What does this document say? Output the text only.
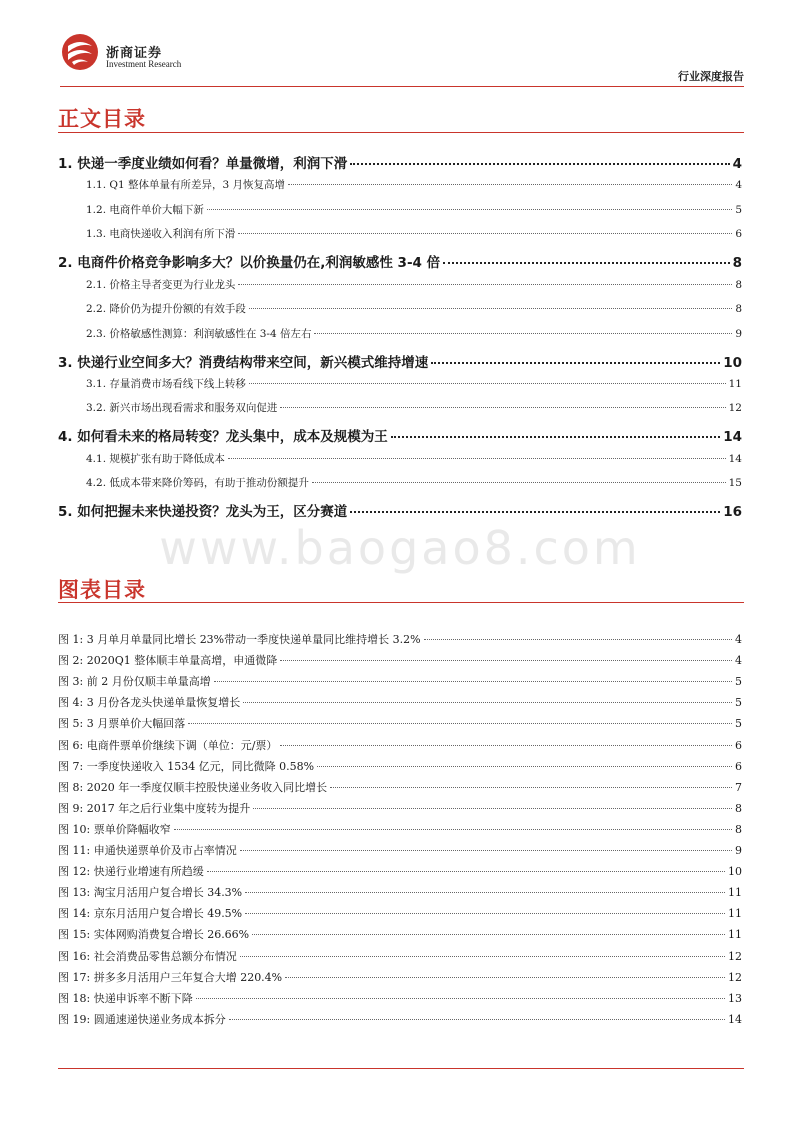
浙商证券
Investment Research
行业深度报告
正文目录
1. 快递一季度业绩如何看？单量微增，利润下滑	4
1.1. Q1 整体单量有所差异，3 月恢复高增	4
1.2. 电商件单价大幅下新	5
1.3. 电商快递收入利润有所下滑	6
2. 电商件价格竞争影响多大？以价换量仍在,利润敏感性 3-4 倍	8
2.1. 价格主导者变更为行业龙头	8
2.2. 降价仍为提升份额的有效手段	8
2.3. 价格敏感性测算：利润敏感性在 3-4 倍左右	9
3. 快递行业空间多大？消费结构带来空间，新兴模式维持增速	10
3.1. 存量消费市场看线下线上转移	11
3.2. 新兴市场出现看需求和服务双向促进	12
4. 如何看未来的格局转变？龙头集中，成本及规模为王	14
4.1. 规模扩张有助于降低成本	14
4.2. 低成本带来降价筹码，有助于推动份额提升	15
5. 如何把握未来快递投资？龙头为王，区分赛道	16
www.baogao8.com
图表目录
图 1: 3 月单月单量同比增长 23%带动一季度快递单量同比维持增长 3.2%	4
图 2: 2020Q1 整体顺丰单量高增，申通微降	4
图 3: 前 2 月份仅顺丰单量高增	5
图 4: 3 月份各龙头快递单量恢复增长	5
图 5: 3 月票单价大幅回落	5
图 6: 电商件票单价继续下调（单位：元/票）	6
图 7: 一季度快递收入 1534 亿元，同比微降 0.58%	6
图 8: 2020 年一季度仅顺丰控股快递业务收入同比增长	7
图 9: 2017 年之后行业集中度转为提升	8
图 10: 票单价降幅收窄	8
图 11: 申通快递票单价及市占率情况	9
图 12: 快递行业增速有所趋缓	10
图 13: 淘宝月活用户复合增长 34.3%	11
图 14: 京东月活用户复合增长 49.5%	11
图 15: 实体网购消费复合增长 26.66%	11
图 16: 社会消费品零售总额分布情况	12
图 17: 拼多多月活用户三年复合大增 220.4%	12
图 18: 快递申诉率不断下降	13
图 19: 圆通速递快递业务成本拆分	14
